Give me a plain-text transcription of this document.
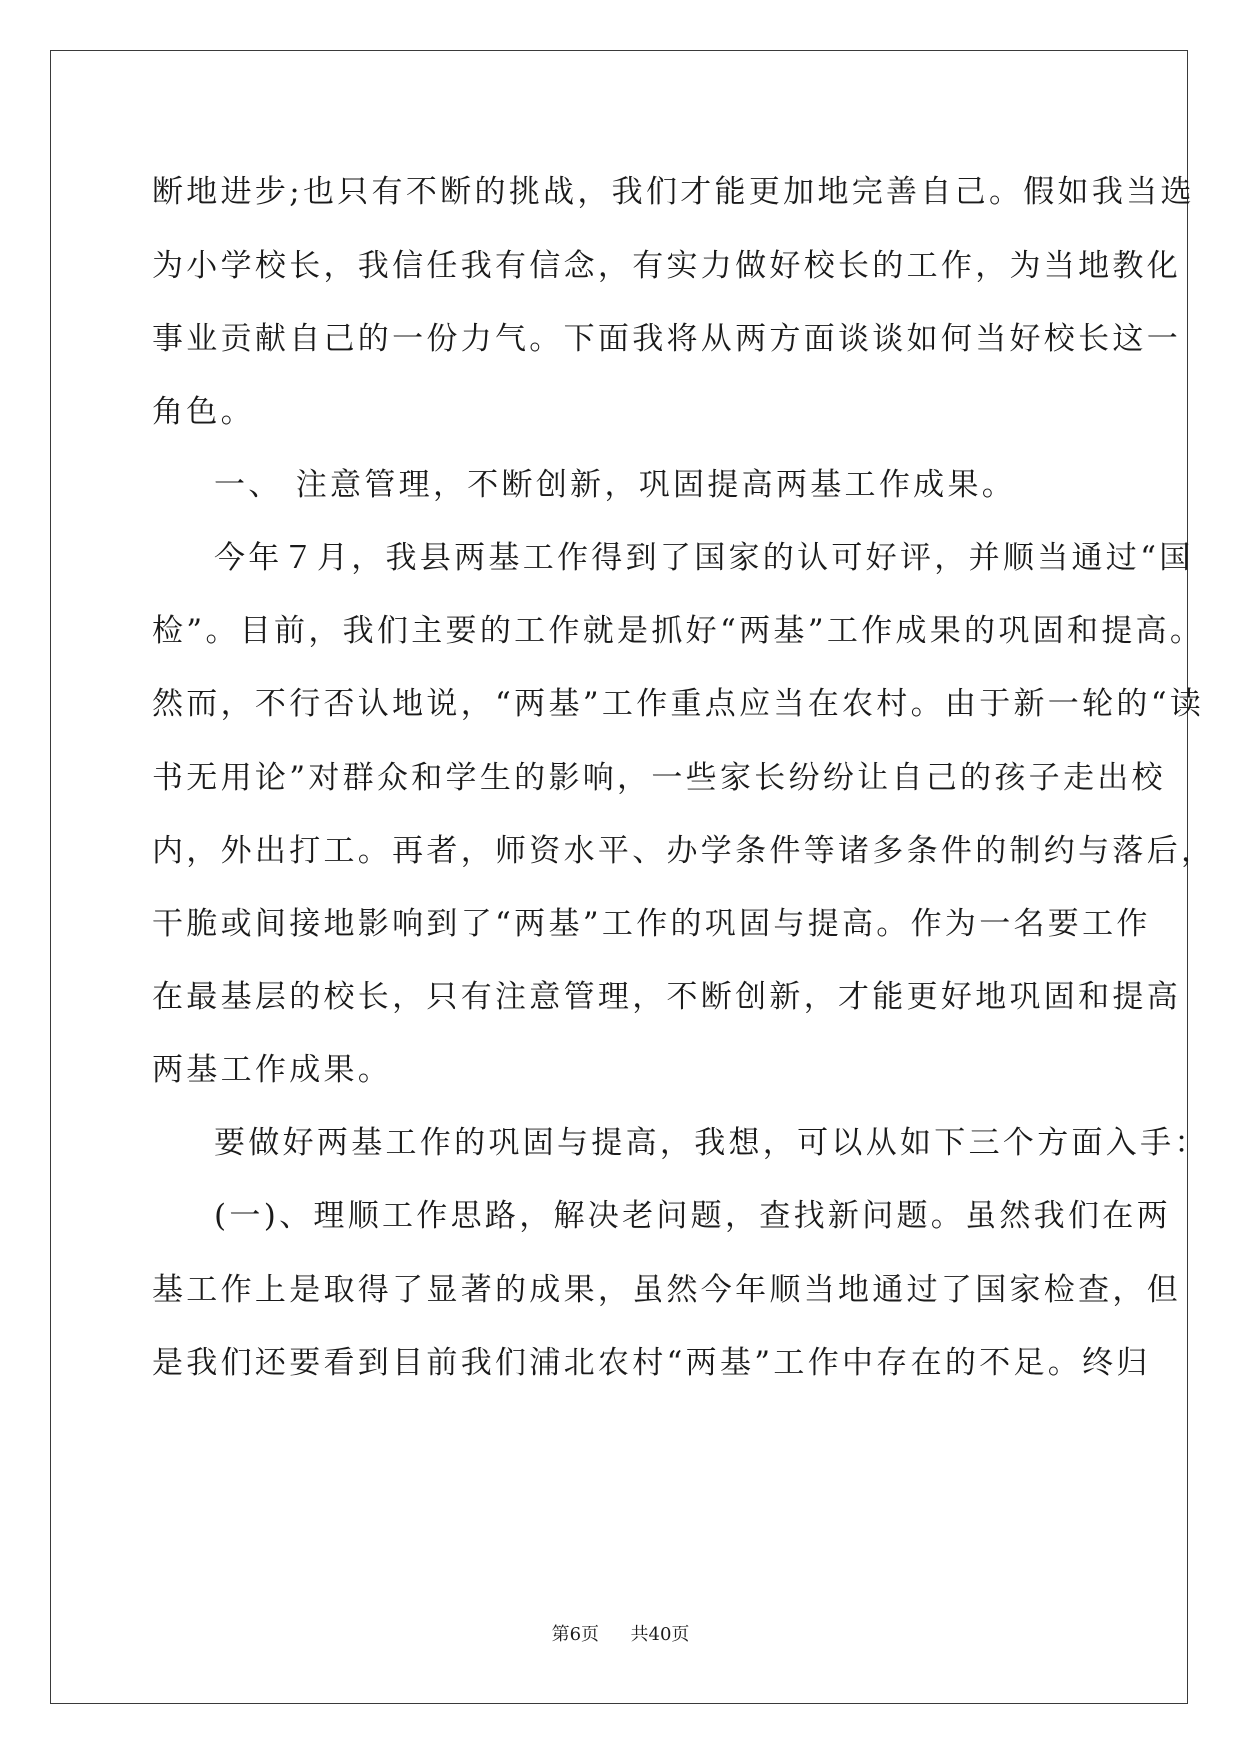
断地进步;也只有不断的挑战，我们才能更加地完善自己。假如我当选
为小学校长，我信任我有信念，有实力做好校长的工作，为当地教化
事业贡献自己的一份力气。下面我将从两方面谈谈如何当好校长这一
角色。
一、 注意管理，不断创新，巩固提高两基工作成果。
今年７月，我县两基工作得到了国家的认可好评，并顺当通过“国
检”。目前，我们主要的工作就是抓好“两基”工作成果的巩固和提高。
然而，不行否认地说，“两基”工作重点应当在农村。由于新一轮的“读
书无用论”对群众和学生的影响，一些家长纷纷让自己的孩子走出校
内，外出打工。再者，师资水平、办学条件等诸多条件的制约与落后，
干脆或间接地影响到了“两基”工作的巩固与提高。作为一名要工作
在最基层的校长，只有注意管理，不断创新，才能更好地巩固和提高
两基工作成果。
要做好两基工作的巩固与提高，我想，可以从如下三个方面入手：
(一)、理顺工作思路，解决老问题，查找新问题。虽然我们在两
基工作上是取得了显著的成果，虽然今年顺当地通过了国家检查，但
是我们还要看到目前我们浦北农村“两基”工作中存在的不足。终归
第6页 共40页
